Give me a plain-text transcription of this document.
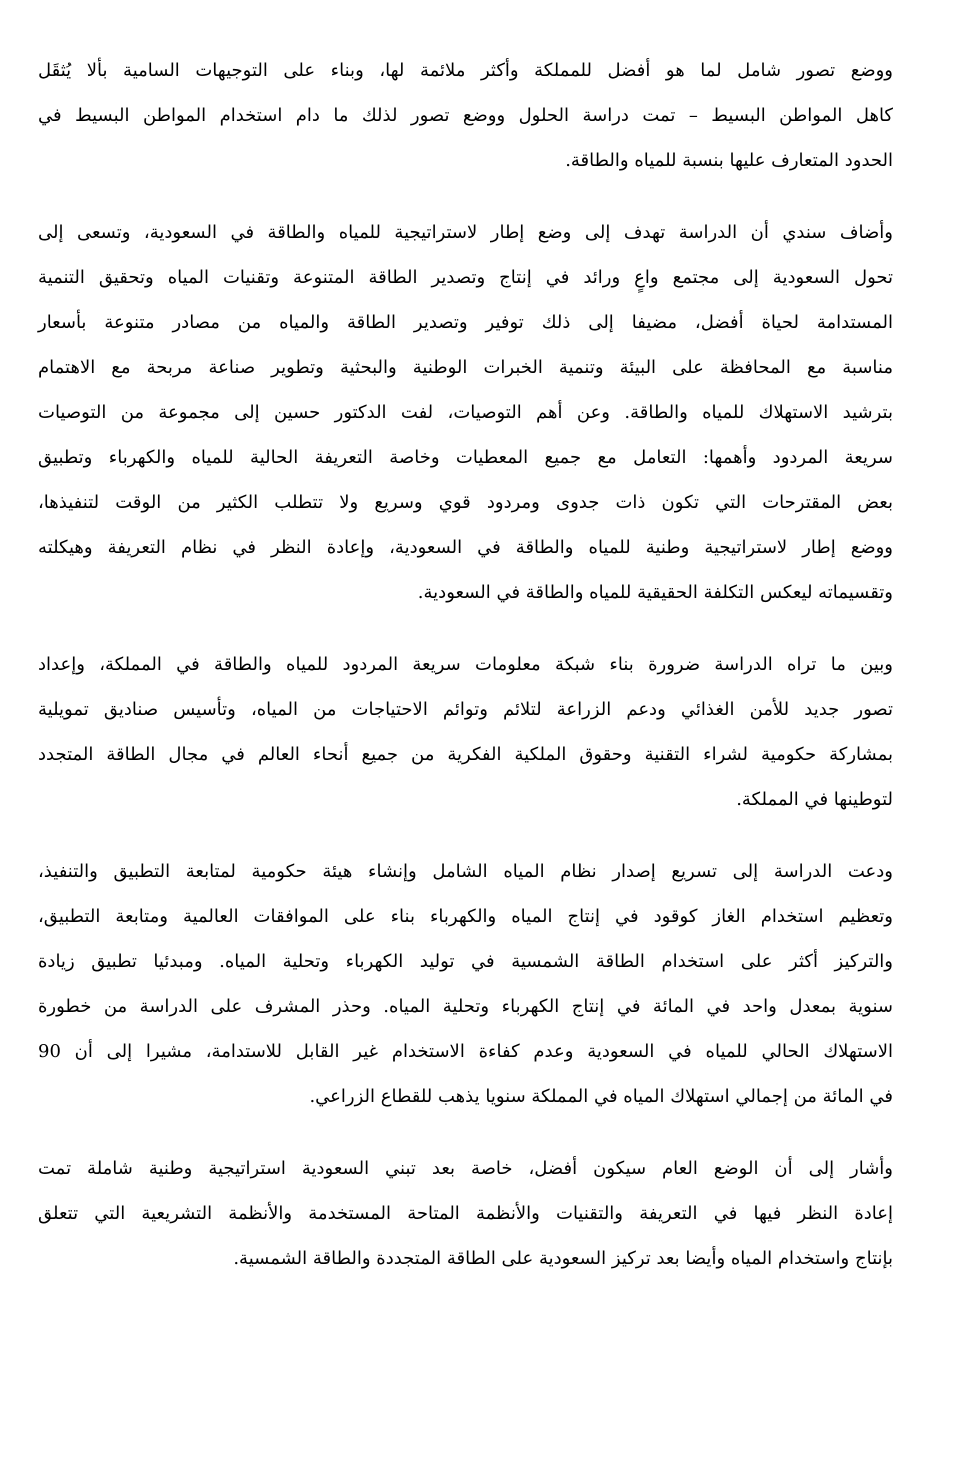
ووضع تصور شامل لما هو أفضل للمملكة وأكثر ملائمة لها، وبناء على التوجيهات السامية بألا يُثقَل
كاهل المواطن البسيط – تمت دراسة الحلول ووضع تصور لذلك ما دام استخدام المواطن البسيط في
الحدود المتعارف عليها بنسبة للمياه والطاقة.
وأضاف سندي أن الدراسة تهدف إلى وضع إطار لاستراتيجية للمياه والطاقة في السعودية، وتسعى إلى
تحول السعودية إلى مجتمع واعٍ ورائد في إنتاج وتصدير الطاقة المتنوعة وتقنيات المياه وتحقيق التنمية
المستدامة لحياة أفضل، مضيفا إلى ذلك توفير وتصدير الطاقة والمياه من مصادر متنوعة بأسعار
مناسبة مع المحافظة على البيئة وتنمية الخبرات الوطنية والبحثية وتطوير صناعة مربحة مع الاهتمام
بترشيد الاستهلاك للمياه والطاقة. وعن أهم التوصيات، لفت الدكتور حسين إلى مجموعة من التوصيات
سريعة المردود وأهمها: التعامل مع جميع المعطيات وخاصة التعريفة الحالية للمياه والكهرباء وتطبيق
بعض المقترحات التي تكون ذات جدوى ومردود قوي وسريع ولا تتطلب الكثير من الوقت لتنفيذها،
ووضع إطار لاستراتيجية وطنية للمياه والطاقة في السعودية، وإعادة النظر في نظام التعريفة وهيكلته
وتقسيماته ليعكس التكلفة الحقيقية للمياه والطاقة في السعودية.
وبين ما تراه الدراسة ضرورة بناء شبكة معلومات سريعة المردود للمياه والطاقة في المملكة، وإعداد
تصور جديد للأمن الغذائي ودعم الزراعة لتلائم وتوائم الاحتياجات من المياه، وتأسيس صناديق تمويلية
بمشاركة حكومية لشراء التقنية وحقوق الملكية الفكرية من جميع أنحاء العالم في مجال الطاقة المتجدد
لتوطينها في المملكة.
ودعت الدراسة إلى تسريع إصدار نظام المياه الشامل وإنشاء هيئة حكومية لمتابعة التطبيق والتنفيذ،
وتعظيم استخدام الغاز كوقود في إنتاج المياه والكهرباء بناء على الموافقات العالمية ومتابعة التطبيق،
والتركيز أكثر على استخدام الطاقة الشمسية في توليد الكهرباء وتحلية المياه. ومبدئيا تطبيق زيادة
سنوية بمعدل واحد في المائة في إنتاج الكهرباء وتحلية المياه. وحذر المشرف على الدراسة من خطورة
الاستهلاك الحالي للمياه في السعودية وعدم كفاءة الاستخدام غير القابل للاستدامة، مشيرا إلى أن 90
في المائة من إجمالي استهلاك المياه في المملكة سنويا يذهب للقطاع الزراعي.
وأشار إلى أن الوضع العام سيكون أفضل، خاصة بعد تبني السعودية استراتيجية وطنية شاملة تمت
إعادة النظر فيها في التعريفة والتقنيات والأنظمة المتاحة المستخدمة والأنظمة التشريعية التي تتعلق
بإنتاج واستخدام المياه وأيضا بعد تركيز السعودية على الطاقة المتجددة والطاقة الشمسية.
